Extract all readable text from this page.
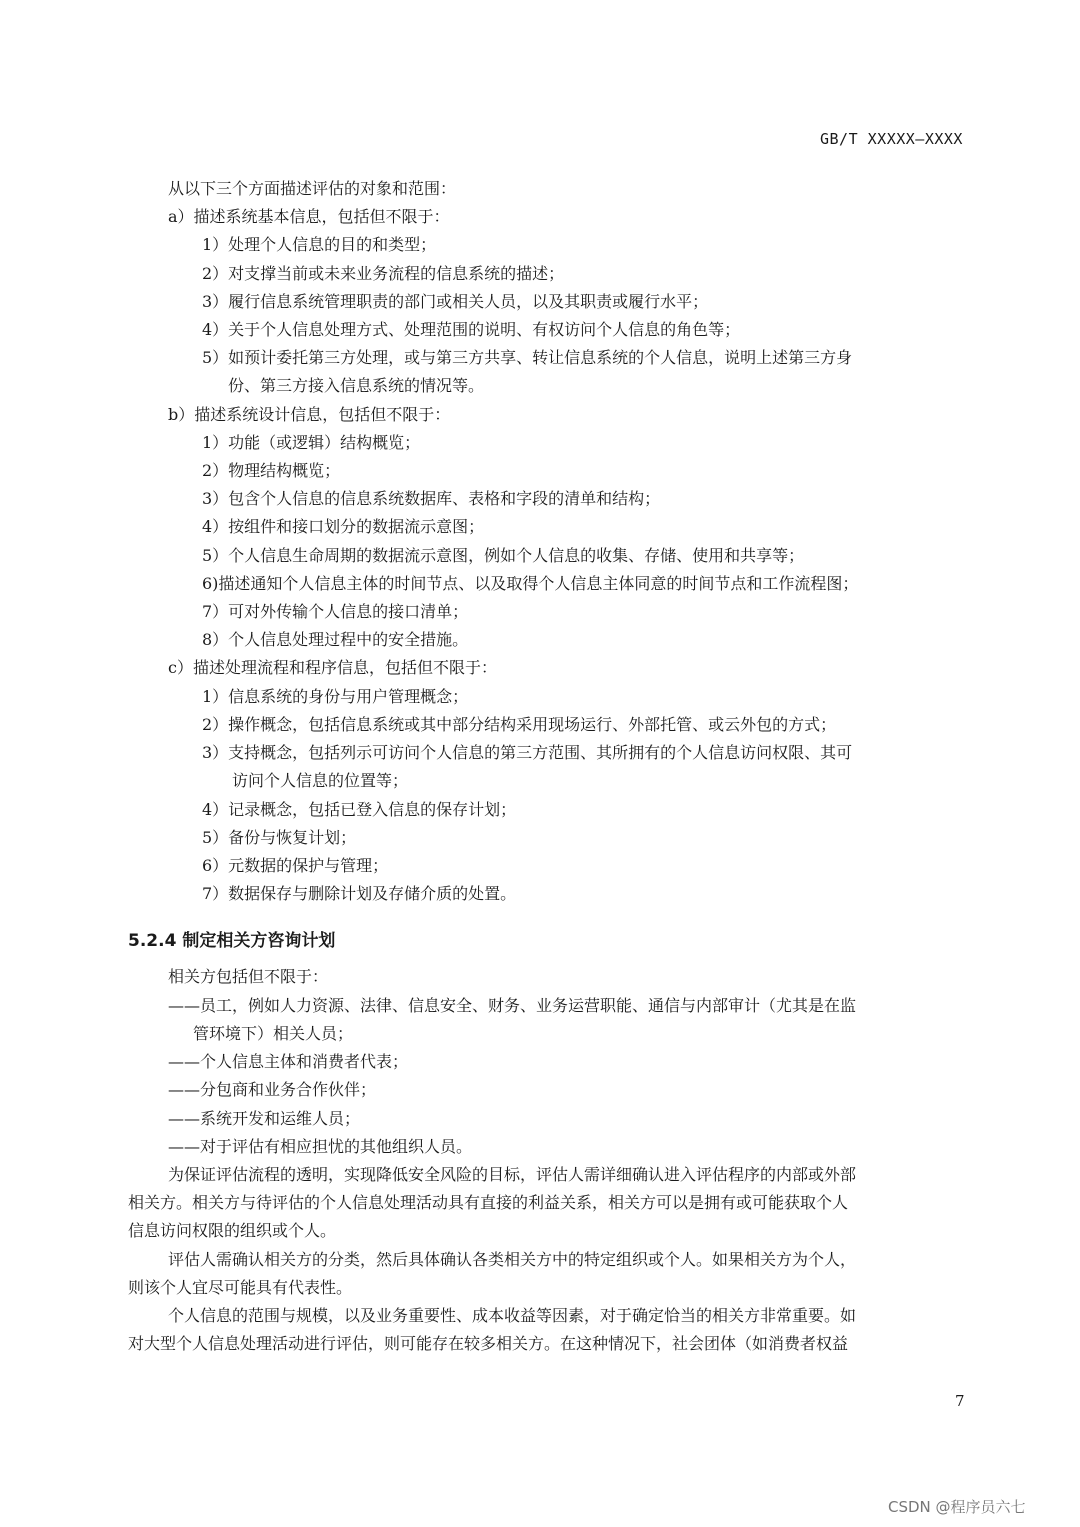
GB/T XXXXX—XXXX
从以下三个方面描述评估的对象和范围：
a）描述系统基本信息，包括但不限于：
1）处理个人信息的目的和类型；
2）对支撑当前或未来业务流程的信息系统的描述；
3）履行信息系统管理职责的部门或相关人员，以及其职责或履行水平；
4）关于个人信息处理方式、处理范围的说明、有权访问个人信息的角色等；
5）如预计委托第三方处理，或与第三方共享、转让信息系统的个人信息，说明上述第三方身
份、第三方接入信息系统的情况等。
b）描述系统设计信息，包括但不限于：
1）功能（或逻辑）结构概览；
2）物理结构概览；
3）包含个人信息的信息系统数据库、表格和字段的清单和结构；
4）按组件和接口划分的数据流示意图；
5）个人信息生命周期的数据流示意图，例如个人信息的收集、存储、使用和共享等；
6)描述通知个人信息主体的时间节点、以及取得个人信息主体同意的时间节点和工作流程图；
7）可对外传输个人信息的接口清单；
8）个人信息处理过程中的安全措施。
c）描述处理流程和程序信息，包括但不限于：
1）信息系统的身份与用户管理概念；
2）操作概念，包括信息系统或其中部分结构采用现场运行、外部托管、或云外包的方式；
3）支持概念，包括列示可访问个人信息的第三方范围、其所拥有的个人信息访问权限、其可
访问个人信息的位置等；
4）记录概念，包括已登入信息的保存计划；
5）备份与恢复计划；
6）元数据的保护与管理；
7）数据保存与删除计划及存储介质的处置。
5.2.4 制定相关方咨询计划
相关方包括但不限于：
——员工，例如人力资源、法律、信息安全、财务、业务运营职能、通信与内部审计（尤其是在监
管环境下）相关人员；
——个人信息主体和消费者代表；
——分包商和业务合作伙伴；
——系统开发和运维人员；
——对于评估有相应担忧的其他组织人员。
为保证评估流程的透明，实现降低安全风险的目标，评估人需详细确认进入评估程序的内部或外部
相关方。相关方与待评估的个人信息处理活动具有直接的利益关系，相关方可以是拥有或可能获取个人
信息访问权限的组织或个人。
评估人需确认相关方的分类，然后具体确认各类相关方中的特定组织或个人。如果相关方为个人，
则该个人宜尽可能具有代表性。
个人信息的范围与规模，以及业务重要性、成本收益等因素，对于确定恰当的相关方非常重要。如
对大型个人信息处理活动进行评估，则可能存在较多相关方。在这种情况下，社会团体（如消费者权益
7
CSDN @程序员六七
